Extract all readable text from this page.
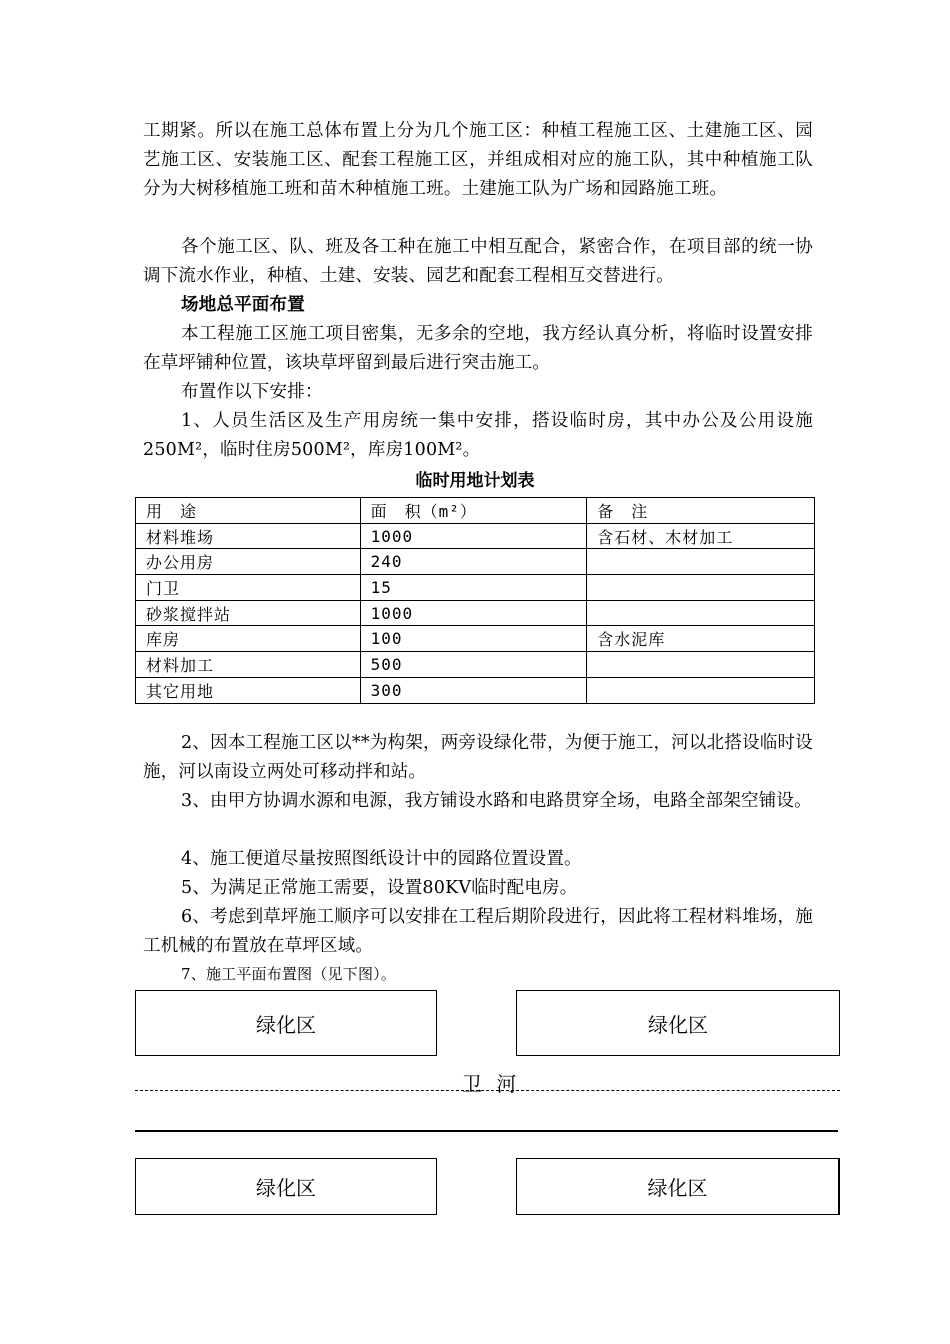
工期紧。所以在施工总体布置上分为几个施工区：种植工程施工区、土建施工区、园艺施工区、安装施工区、配套工程施工区，并组成相对应的施工队，其中种植施工队分为大树移植施工班和苗木种植施工班。土建施工队为广场和园路施工班。

各个施工区、队、班及各工种在施工中相互配合，紧密合作，在项目部的统一协调下流水作业，种植、土建、安装、园艺和配套工程相互交替进行。

场地总平面布置

本工程施工区施工项目密集，无多余的空地，我方经认真分析，将临时设置安排在草坪铺种位置，该块草坪留到最后进行突击施工。

布置作以下安排：

1、人员生活区及生产用房统一集中安排，搭设临时房，其中办公及公用设施250M²，临时住房500M²，库房100M²。

临时用地计划表
用　途	面　积（m²）	备　注
材料堆场	1000	含石材、木材加工
办公用房	240	
门卫	15	
砂浆搅拌站	1000	
库房	100	含水泥库
材料加工	500	
其它用地	300	

2、因本工程施工区以**为构架，两旁设绿化带，为便于施工，河以北搭设临时设施，河以南设立两处可移动拌和站。

3、由甲方协调水源和电源，我方铺设水路和电路贯穿全场，电路全部架空铺设。

4、施工便道尽量按照图纸设计中的园路位置设置。

5、为满足正常施工需要，设置80KV临时配电房。

6、考虑到草坪施工顺序可以安排在工程后期阶段进行，因此将工程材料堆场，施工机械的布置放在草坪区域。

7、施工平面布置图（见下图）。

绿化区	绿化区
卫 河
绿化区	绿化区
